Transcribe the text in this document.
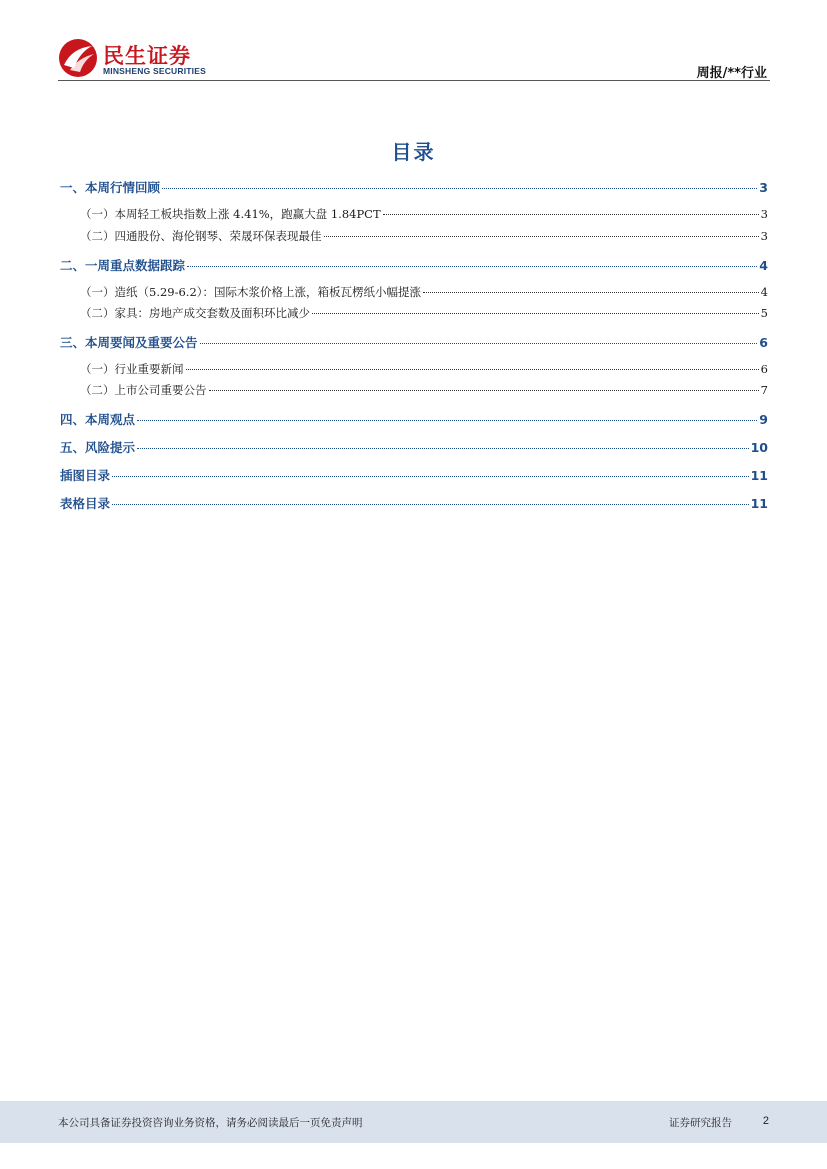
民生证券
MINSHENG SECURITIES	周报/**行业
目录
一、本周行情回顾	3
（一）本周轻工板块指数上涨 4.41%，跑赢大盘 1.84PCT	3
（二）四通股份、海伦钢琴、荣晟环保表现最佳	3
二、一周重点数据跟踪	4
（一）造纸（5.29-6.2）：国际木浆价格上涨，箱板瓦楞纸小幅提涨	4
（二）家具：房地产成交套数及面积环比减少	5
三、本周要闻及重要公告	6
（一）行业重要新闻	6
（二）上市公司重要公告	7
四、本周观点	9
五、风险提示	10
插图目录	11
表格目录	11
本公司具备证券投资咨询业务资格，请务必阅读最后一页免责声明	证券研究报告	2
